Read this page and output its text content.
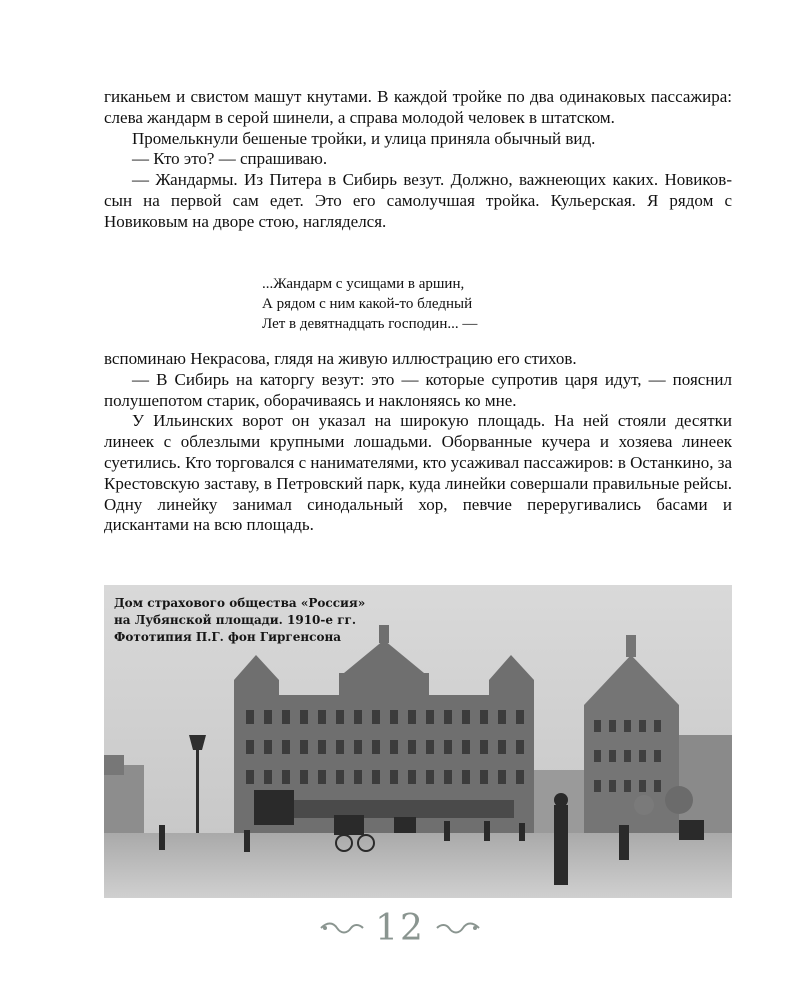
гиканьем и свистом машут кнутами. В каждой тройке по два одинаковых пассажира: слева жандарм в серой шинели, а справа молодой человек в штатском.

Промелькнули бешеные тройки, и улица приняла обычный вид.

— Кто это? — спрашиваю.

— Жандармы. Из Питера в Сибирь везут. Должно, важнеющих каких. Новиков-сын на первой сам едет. Это его самолучшая тройка. Кульерская. Я рядом с Новиковым на дворе стою, нагляделся.

...Жандарм с усищами в аршин,
А рядом с ним какой-то бледный
Лет в девятнадцать господин... —

вспоминаю Некрасова, глядя на живую иллюстрацию его стихов.

— В Сибирь на каторгу везут: это — которые супротив царя идут, — пояснил полушепотом старик, оборачиваясь и наклоняясь ко мне.

У Ильинских ворот он указал на широкую площадь. На ней стояли десятки линеек с облезлыми крупными лошадьми. Оборванные кучера и хозяева линеек суетились. Кто торговался с нанимателями, кто усаживал пассажиров: в Останкино, за Крестовскую заставу, в Петровский парк, куда линейки совершали правильные рейсы. Одну линейку занимал синодальный хор, певчие переругивались басами и дискантами на всю площадь.

Дом страхового общества «Россия»
на Лубянской площади. 1910-е гг.
Фототипия П.Г. фон Гиргенсона
12
